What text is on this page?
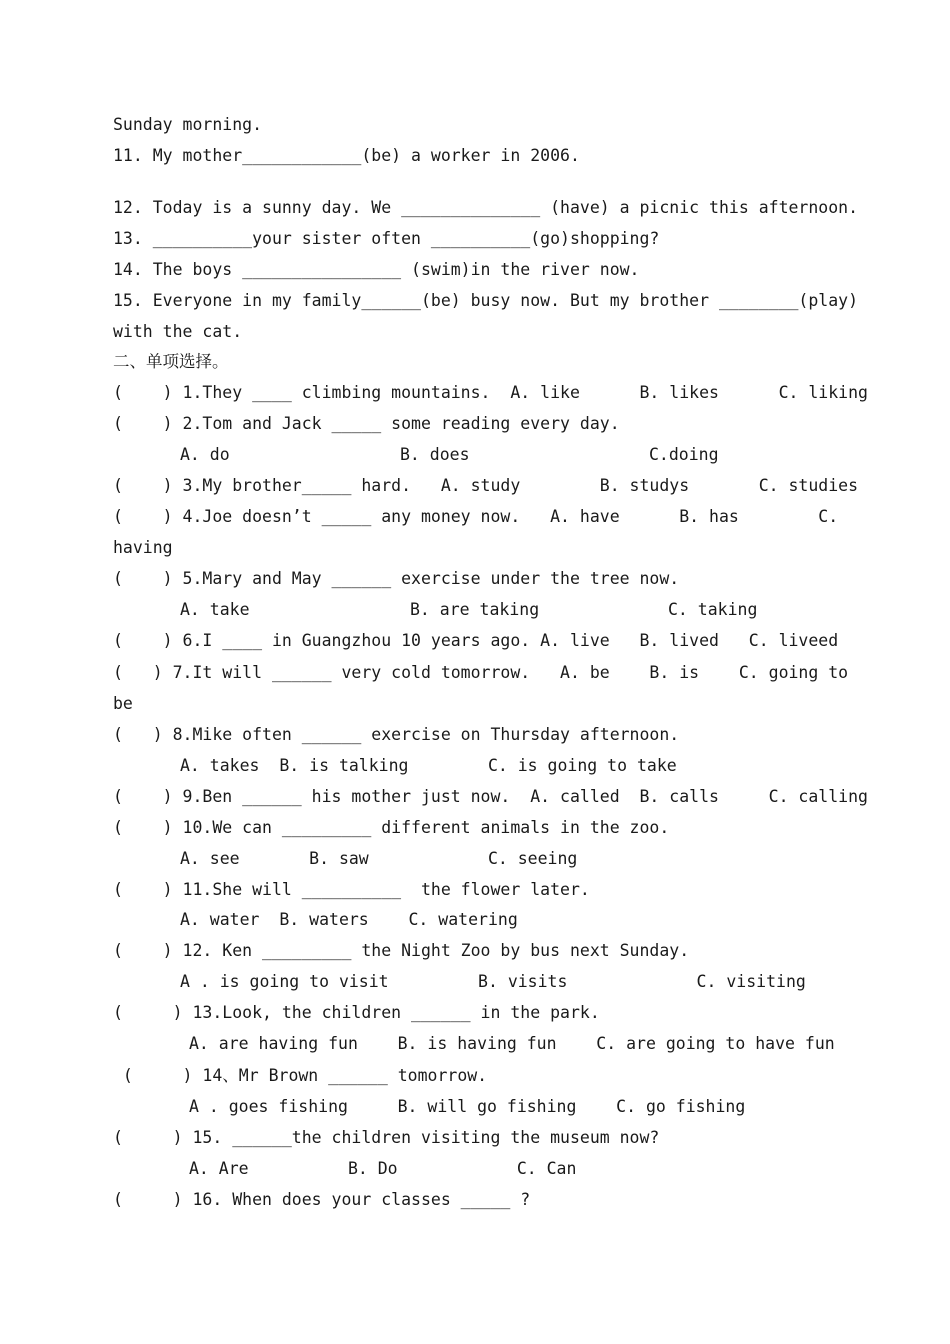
Sunday morning.
11. My mother____________(be) a worker in 2006.
12. Today is a sunny day. We ______________ (have) a picnic this afternoon.
13. __________your sister often __________(go)shopping?
14. The boys ________________ (swim)in the river now.
15. Everyone in my family______(be) busy now. But my brother ________(play)
with the cat.
二、单项选择。
(    ) 1.They ____ climbing mountains.  A. like      B. likes      C. liking
(    ) 2.Tom and Jack _____ some reading every day.
A. do	B. does	C.doing
(    ) 3.My brother_____ hard.   A. study        B. studys       C. studies
(    ) 4.Joe doesn’t _____ any money now.   A. have      B. has        C.
having
(    ) 5.Mary and May ______ exercise under the tree now.
A. take	B. are taking	C. taking
(    ) 6.I ____ in Guangzhou 10 years ago. A. live   B. lived   C. liveed
(   ) 7.It will ______ very cold tomorrow.   A. be    B. is    C. going to
be
(   ) 8.Mike often ______ exercise on Thursday afternoon.
A. takes  B. is talking        C. is going to take
(    ) 9.Ben ______ his mother just now.  A. called  B. calls     C. calling
(    ) 10.We can _________ different animals in the zoo.
A. see       B. saw            C. seeing
(    ) 11.She will __________  the flower later.
A. water  B. waters    C. watering
(    ) 12. Ken _________ the Night Zoo by bus next Sunday.
A . is going to visit         B. visits             C. visiting
(     ) 13.Look, the children ______ in the park.
A. are having fun    B. is having fun    C. are going to have fun
(     ) 14、Mr Brown ______ tomorrow.
A . goes fishing     B. will go fishing    C. go fishing
(     ) 15. ______the children visiting the museum now?
A. Are          B. Do            C. Can
(     ) 16. When does your classes _____ ?
